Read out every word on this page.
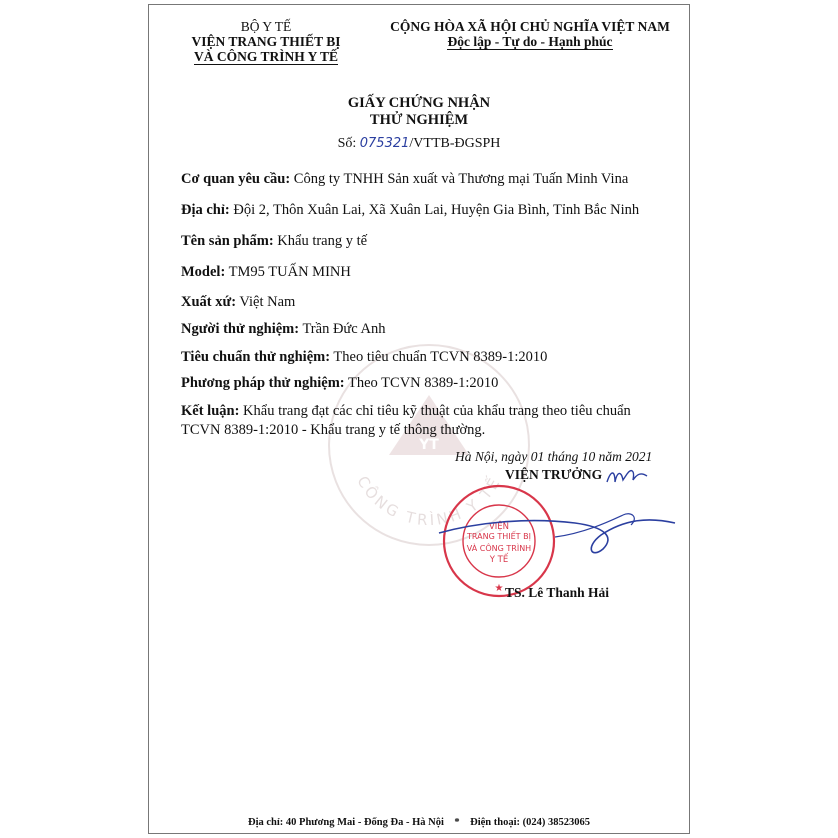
YT
CÔNG TRÌNH Y TẾ
BỘ Y TẾ
VIỆN TRANG THIẾT BỊ
VÀ CÔNG TRÌNH Y TẾ
CỘNG HÒA XÃ HỘI CHỦ NGHĨA VIỆT NAM
Độc lập - Tự do - Hạnh phúc
GIẤY CHỨNG NHẬN
THỬ NGHIỆM
Số: 075321/VTTB-ĐGSPH
Cơ quan yêu cầu: Công ty TNHH Sản xuất và Thương mại Tuấn Minh Vina
Địa chỉ: Đội 2, Thôn Xuân Lai, Xã Xuân Lai, Huyện Gia Bình, Tỉnh Bắc Ninh
Tên sản phẩm: Khẩu trang y tế
Model: TM95 TUẤN MINH
Xuất xứ: Việt Nam
Người thử nghiệm: Trần Đức Anh
Tiêu chuẩn thử nghiệm: Theo tiêu chuẩn TCVN 8389-1:2010
Phương pháp thử nghiệm: Theo TCVN 8389-1:2010
Kết luận: Khẩu trang đạt các chỉ tiêu kỹ thuật của khẩu trang theo tiêu chuẩn
TCVN 8389-1:2010 - Khẩu trang y tế thông thường.
Hà Nội, ngày 01 tháng 10 năm 2021
VIỆN TRƯỞNG
VIỆN
TRANG THIẾT BỊ
VÀ CÔNG TRÌNH
Y TẾ
★ TS. Lê Thanh Hải
Địa chỉ: 40 Phương Mai - Đống Đa - Hà Nội * Điện thoại: (024) 38523065
